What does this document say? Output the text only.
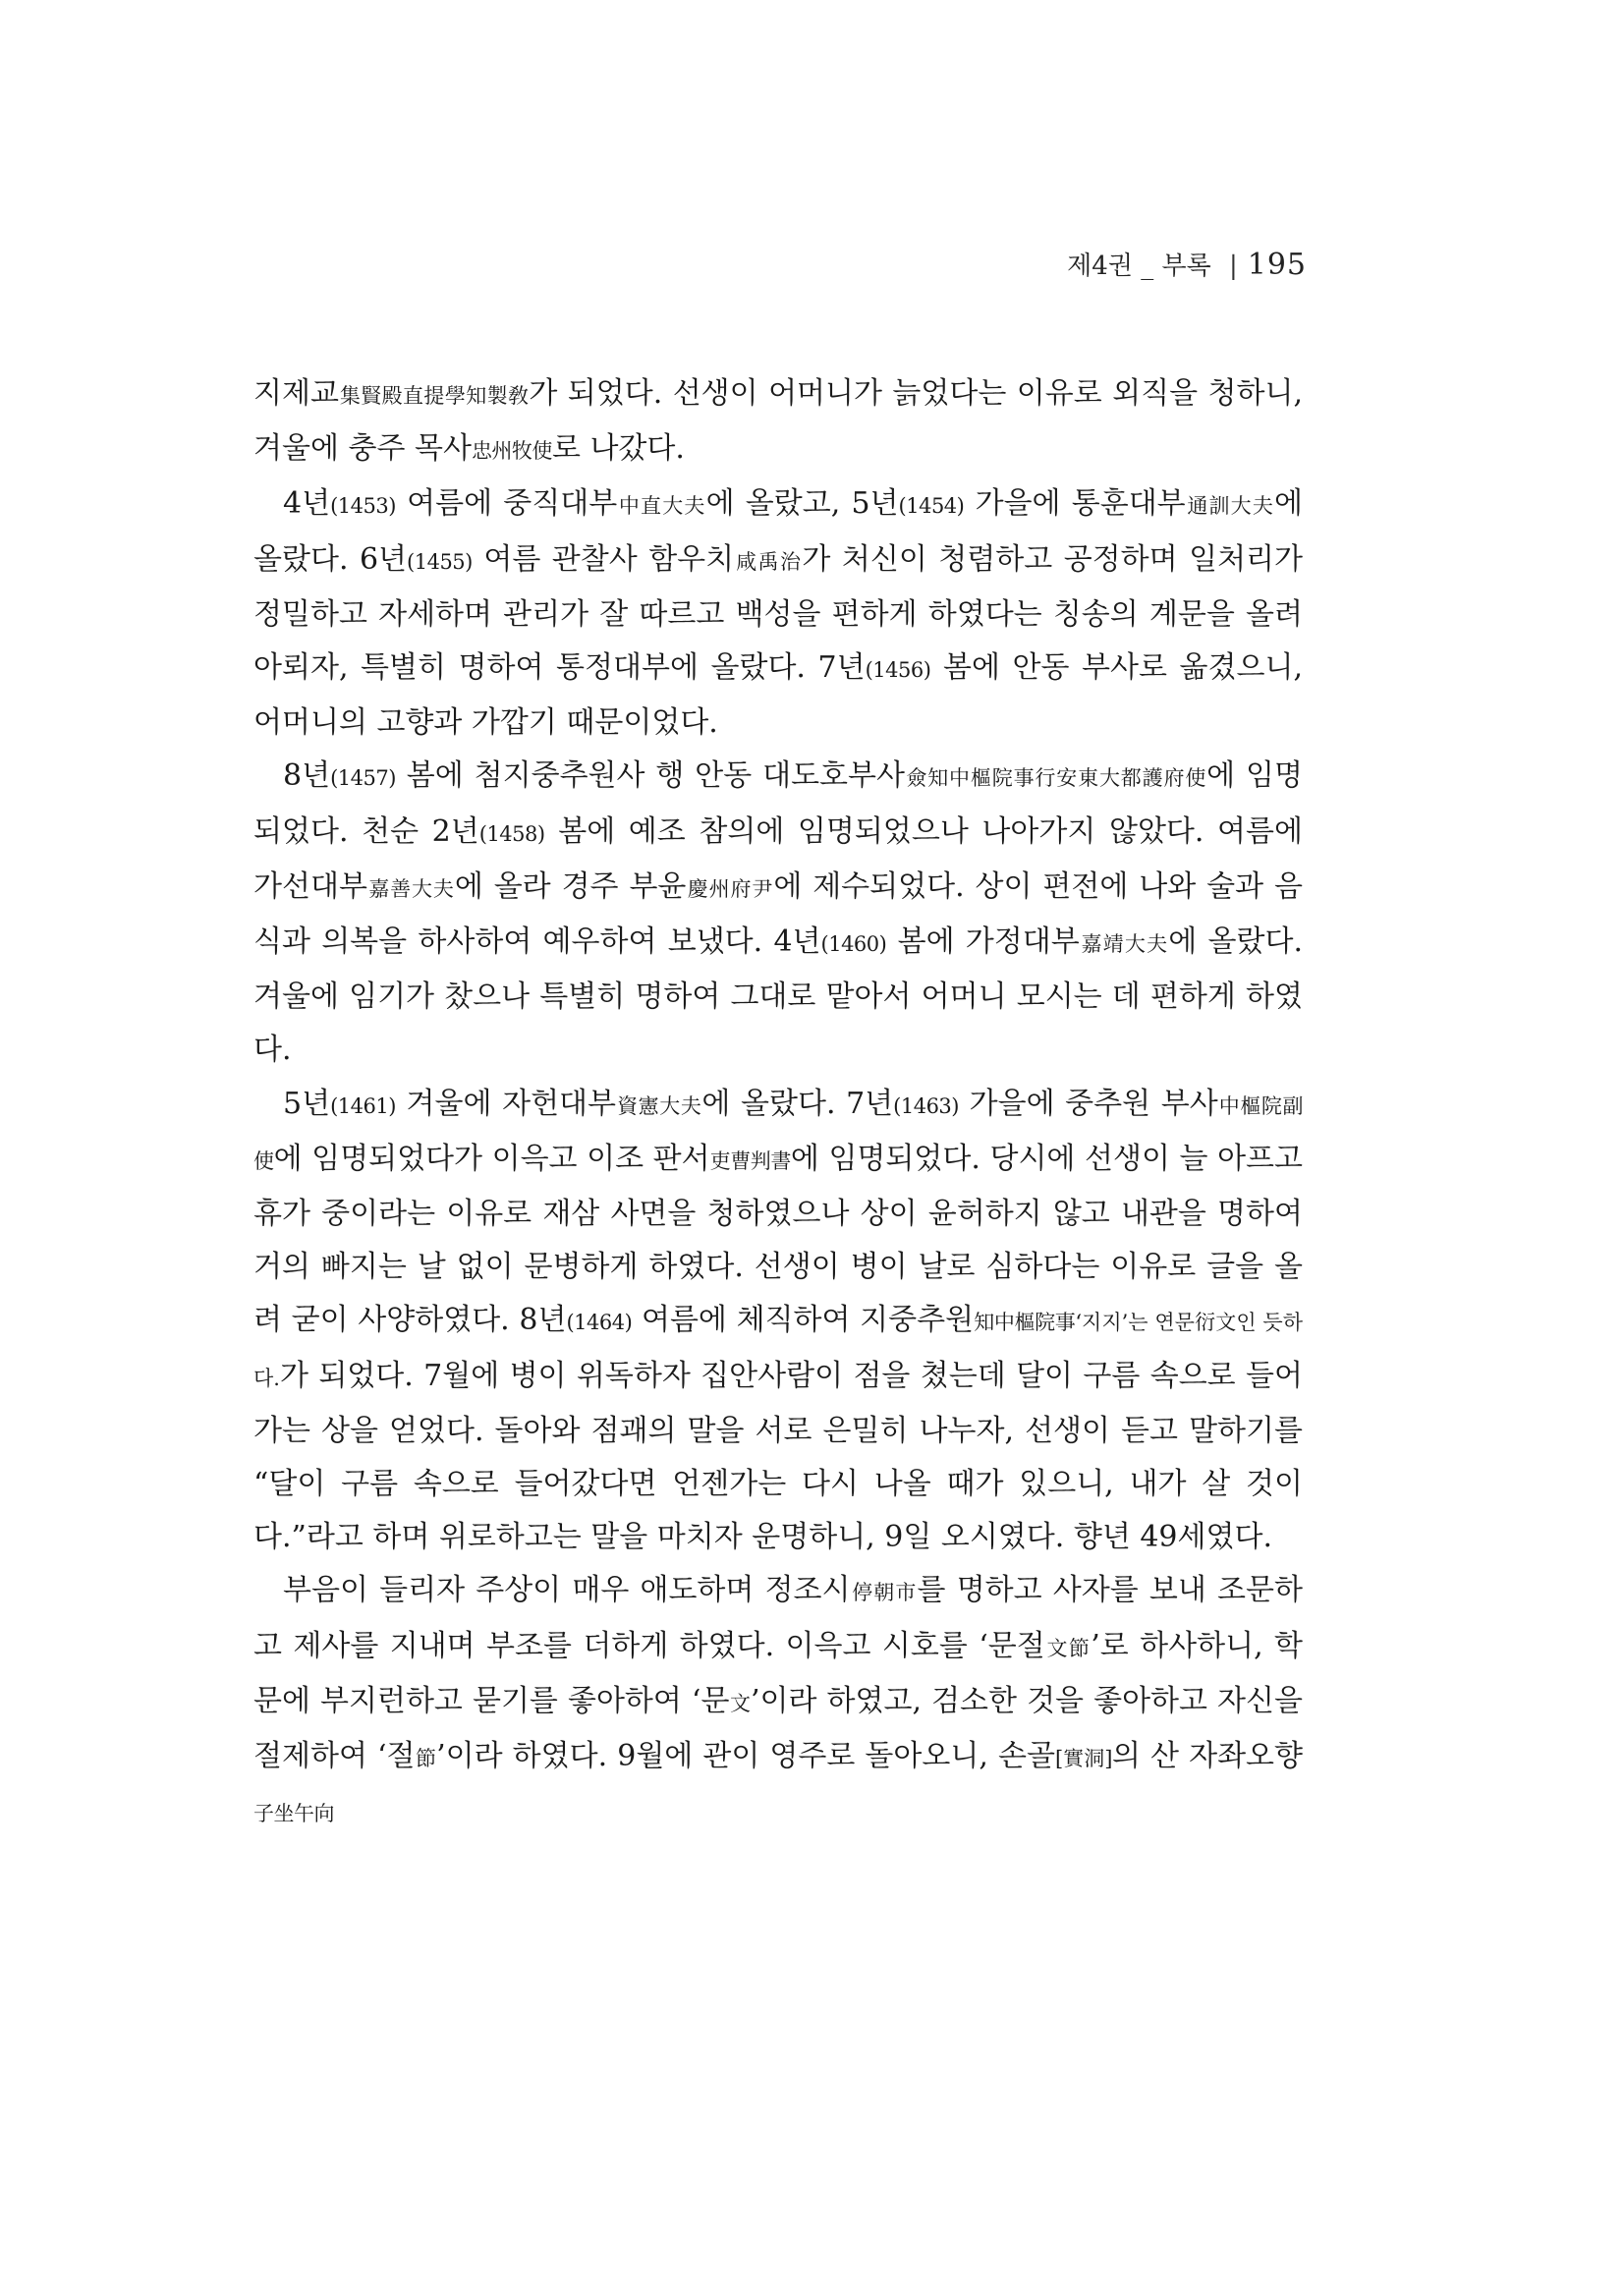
제4권 _ 부록 | 195

지제교集賢殿直提學知製敎가 되었다. 선생이 어머니가 늙었다는 이유로 외직을 청하니, 겨울에 충주 목사忠州牧使로 나갔다.

4년(1453) 여름에 중직대부中直大夫에 올랐고, 5년(1454) 가을에 통훈대부通訓大夫에 올랐다. 6년(1455) 여름 관찰사 함우치咸禹治가 처신이 청렴하고 공정하며 일처리가 정밀하고 자세하며 관리가 잘 따르고 백성을 편하게 하였다는 칭송의 계문을 올려 아뢰자, 특별히 명하여 통정대부에 올랐다. 7년(1456) 봄에 안동 부사로 옮겼으니, 어머니의 고향과 가깝기 때문이었다.

8년(1457) 봄에 첨지중추원사 행 안동 대도호부사僉知中樞院事行安東大都護府使에 임명되었다. 천순 2년(1458) 봄에 예조 참의에 임명되었으나 나아가지 않았다. 여름에 가선대부嘉善大夫에 올라 경주 부윤慶州府尹에 제수되었다. 상이 편전에 나와 술과 음식과 의복을 하사하여 예우하여 보냈다. 4년(1460) 봄에 가정대부嘉靖大夫에 올랐다. 겨울에 임기가 찼으나 특별히 명하여 그대로 맡아서 어머니 모시는 데 편하게 하였다.

5년(1461) 겨울에 자헌대부資憲大夫에 올랐다. 7년(1463) 가을에 중추원 부사中樞院副使에 임명되었다가 이윽고 이조 판서吏曹判書에 임명되었다. 당시에 선생이 늘 아프고 휴가 중이라는 이유로 재삼 사면을 청하였으나 상이 윤허하지 않고 내관을 명하여 거의 빠지는 날 없이 문병하게 하였다. 선생이 병이 날로 심하다는 이유로 글을 올려 굳이 사양하였다. 8년(1464) 여름에 체직하여 지중추원知中樞院事‘지지’는 연문衍文인 듯하다.가 되었다. 7월에 병이 위독하자 집안사람이 점을 쳤는데 달이 구름 속으로 들어가는 상을 얻었다. 돌아와 점괘의 말을 서로 은밀히 나누자, 선생이 듣고 말하기를 “달이 구름 속으로 들어갔다면 언젠가는 다시 나올 때가 있으니, 내가 살 것이다.”라고 하며 위로하고는 말을 마치자 운명하니, 9일 오시였다. 향년 49세였다.

부음이 들리자 주상이 매우 애도하며 정조시停朝市를 명하고 사자를 보내 조문하고 제사를 지내며 부조를 더하게 하였다. 이윽고 시호를 ‘문절文節’로 하사하니, 학문에 부지런하고 묻기를 좋아하여 ‘문文’이라 하였고, 검소한 것을 좋아하고 자신을 절제하여 ‘절節’이라 하였다. 9월에 관이 영주로 돌아오니, 손골[實洞]의 산 자좌오향子坐午向
